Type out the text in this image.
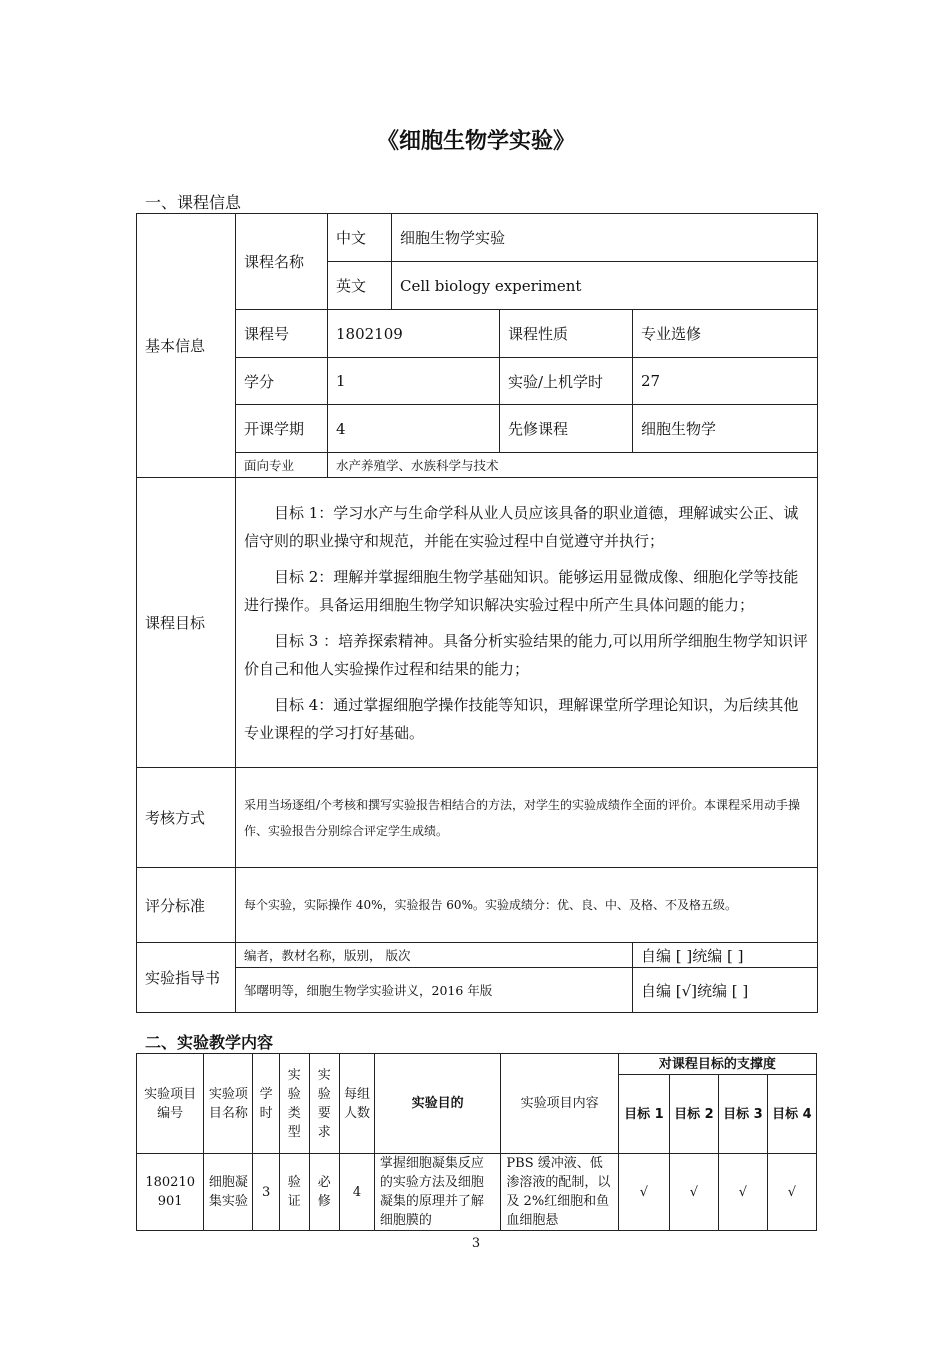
《细胞生物学实验》
一、课程信息
基本信息	课程名称	中文	细胞生物学实验		
		英文	Cell biology experiment		
	课程号	1802109		课程性质	专业选修
	学分	1		实验/上机学时	27
	开课学期	4		先修课程	细胞生物学
	面向专业	水产养殖学、水族科学与技术			
课程目标	目标 1：学习水产与生命学科从业人员应该具备的职业道德，理解诚实公正、诚信守则的职业操守和规范，并能在实验过程中自觉遵守并执行；

目标 2：理解并掌握细胞生物学基础知识。能够运用显微成像、细胞化学等技能进行操作。具备运用细胞生物学知识解决实验过程中所产生具体问题的能力；

目标 3 ：培养探索精神。具备分析实验结果的能力,可以用所学细胞生物学知识评价自己和他人实验操作过程和结果的能力；

目标 4：通过掌握细胞学操作技能等知识，理解课堂所学理论知识，为后续其他专业课程的学习打好基础。				

考核方式	采用当场逐组/个考核和撰写实验报告相结合的方法，对学生的实验成绩作全面的评价。本课程采用动手操作、实验报告分别综合评定学生成绩。				
评分标准	每个实验，实际操作 40%，实验报告 60%。实验成绩分：优、良、中、及格、不及格五级。				
实验指导书	编者，教材名称，版别， 版次				自编 [ ]统编 [ ]
	邹曙明等，细胞生物学实验讲义，2016 年版				自编 [√]统编 [ ]
二、实验教学内容
实验项目编号	实验项目名称	学时	实验类型	实验要求	每组人数	实验目的	实验项目内容	对课程目标的支撑度			
								目标 1	目标 2	目标 3	目标 4
180210 901	细胞凝集实验	3	验证	必修	4	掌握细胞凝集反应的实验方法及细胞凝集的原理并了解细胞膜的	PBS 缓冲液、低渗溶液的配制，以及 2%红细胞和鱼血细胞悬	√	√	√	√
3
